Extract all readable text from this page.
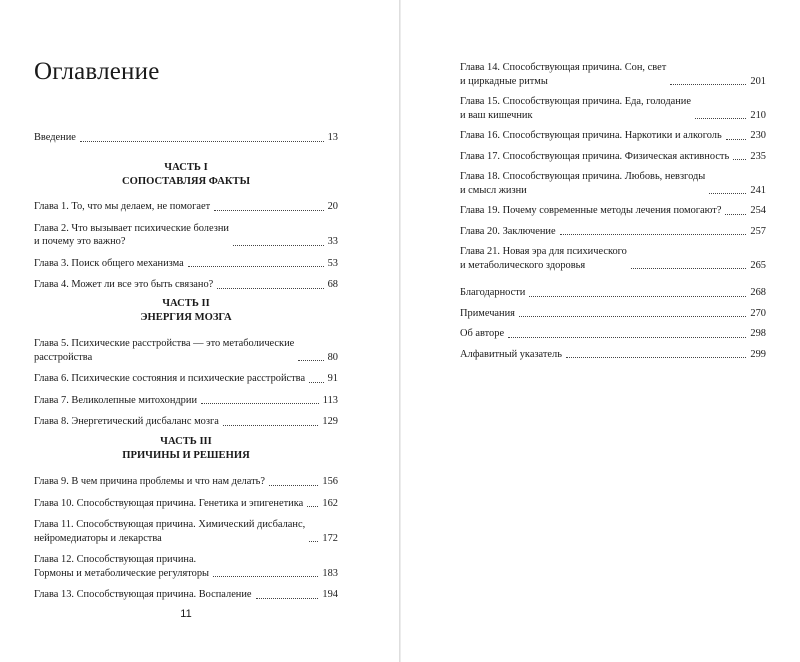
Оглавление
Введение	13
ЧАСТЬ I
СОПОСТАВЛЯЯ ФАКТЫ
Глава 1. То, что мы делаем, не помогает	20
Глава 2. Что вызывает психические болезни
и почему это важно?	33
Глава 3. Поиск общего механизма	53
Глава 4. Может ли все это быть связано?	68
ЧАСТЬ II
ЭНЕРГИЯ МОЗГА
Глава 5. Психические расстройства — это метаболические
расстройства	80
Глава 6. Психические состояния и психические расстройства 91
Глава 7. Великолепные митохондрии	113
Глава 8. Энергетический дисбаланс мозга	129
ЧАСТЬ III
ПРИЧИНЫ И РЕШЕНИЯ
Глава 9. В чем причина проблемы и что нам делать?	156
Глава 10. Способствующая причина. Генетика и эпигенетика 162
Глава 11. Способствующая причина. Химический дисбаланс,
нейромедиаторы и лекарства	172
Глава 12. Способствующая причина.
Гормоны и метаболические регуляторы	183
Глава 13. Способствующая причина. Воспаление	194
11
Глава 14. Способствующая причина. Сон, свет
и циркадные ритмы	201
Глава 15. Способствующая причина. Еда, голодание
и ваш кишечник	210
Глава 16. Способствующая причина. Наркотики и алкоголь	230
Глава 17. Способствующая причина. Физическая активность 235
Глава 18. Способствующая причина. Любовь, невзгоды
и смысл жизни	241
Глава 19. Почему современные методы лечения помогают?	254
Глава 20. Заключение	257
Глава 21. Новая эра для психического
и метаболического здоровья	265
Благодарности	268
Примечания	270
Об авторе	298
Алфавитный указатель	299
